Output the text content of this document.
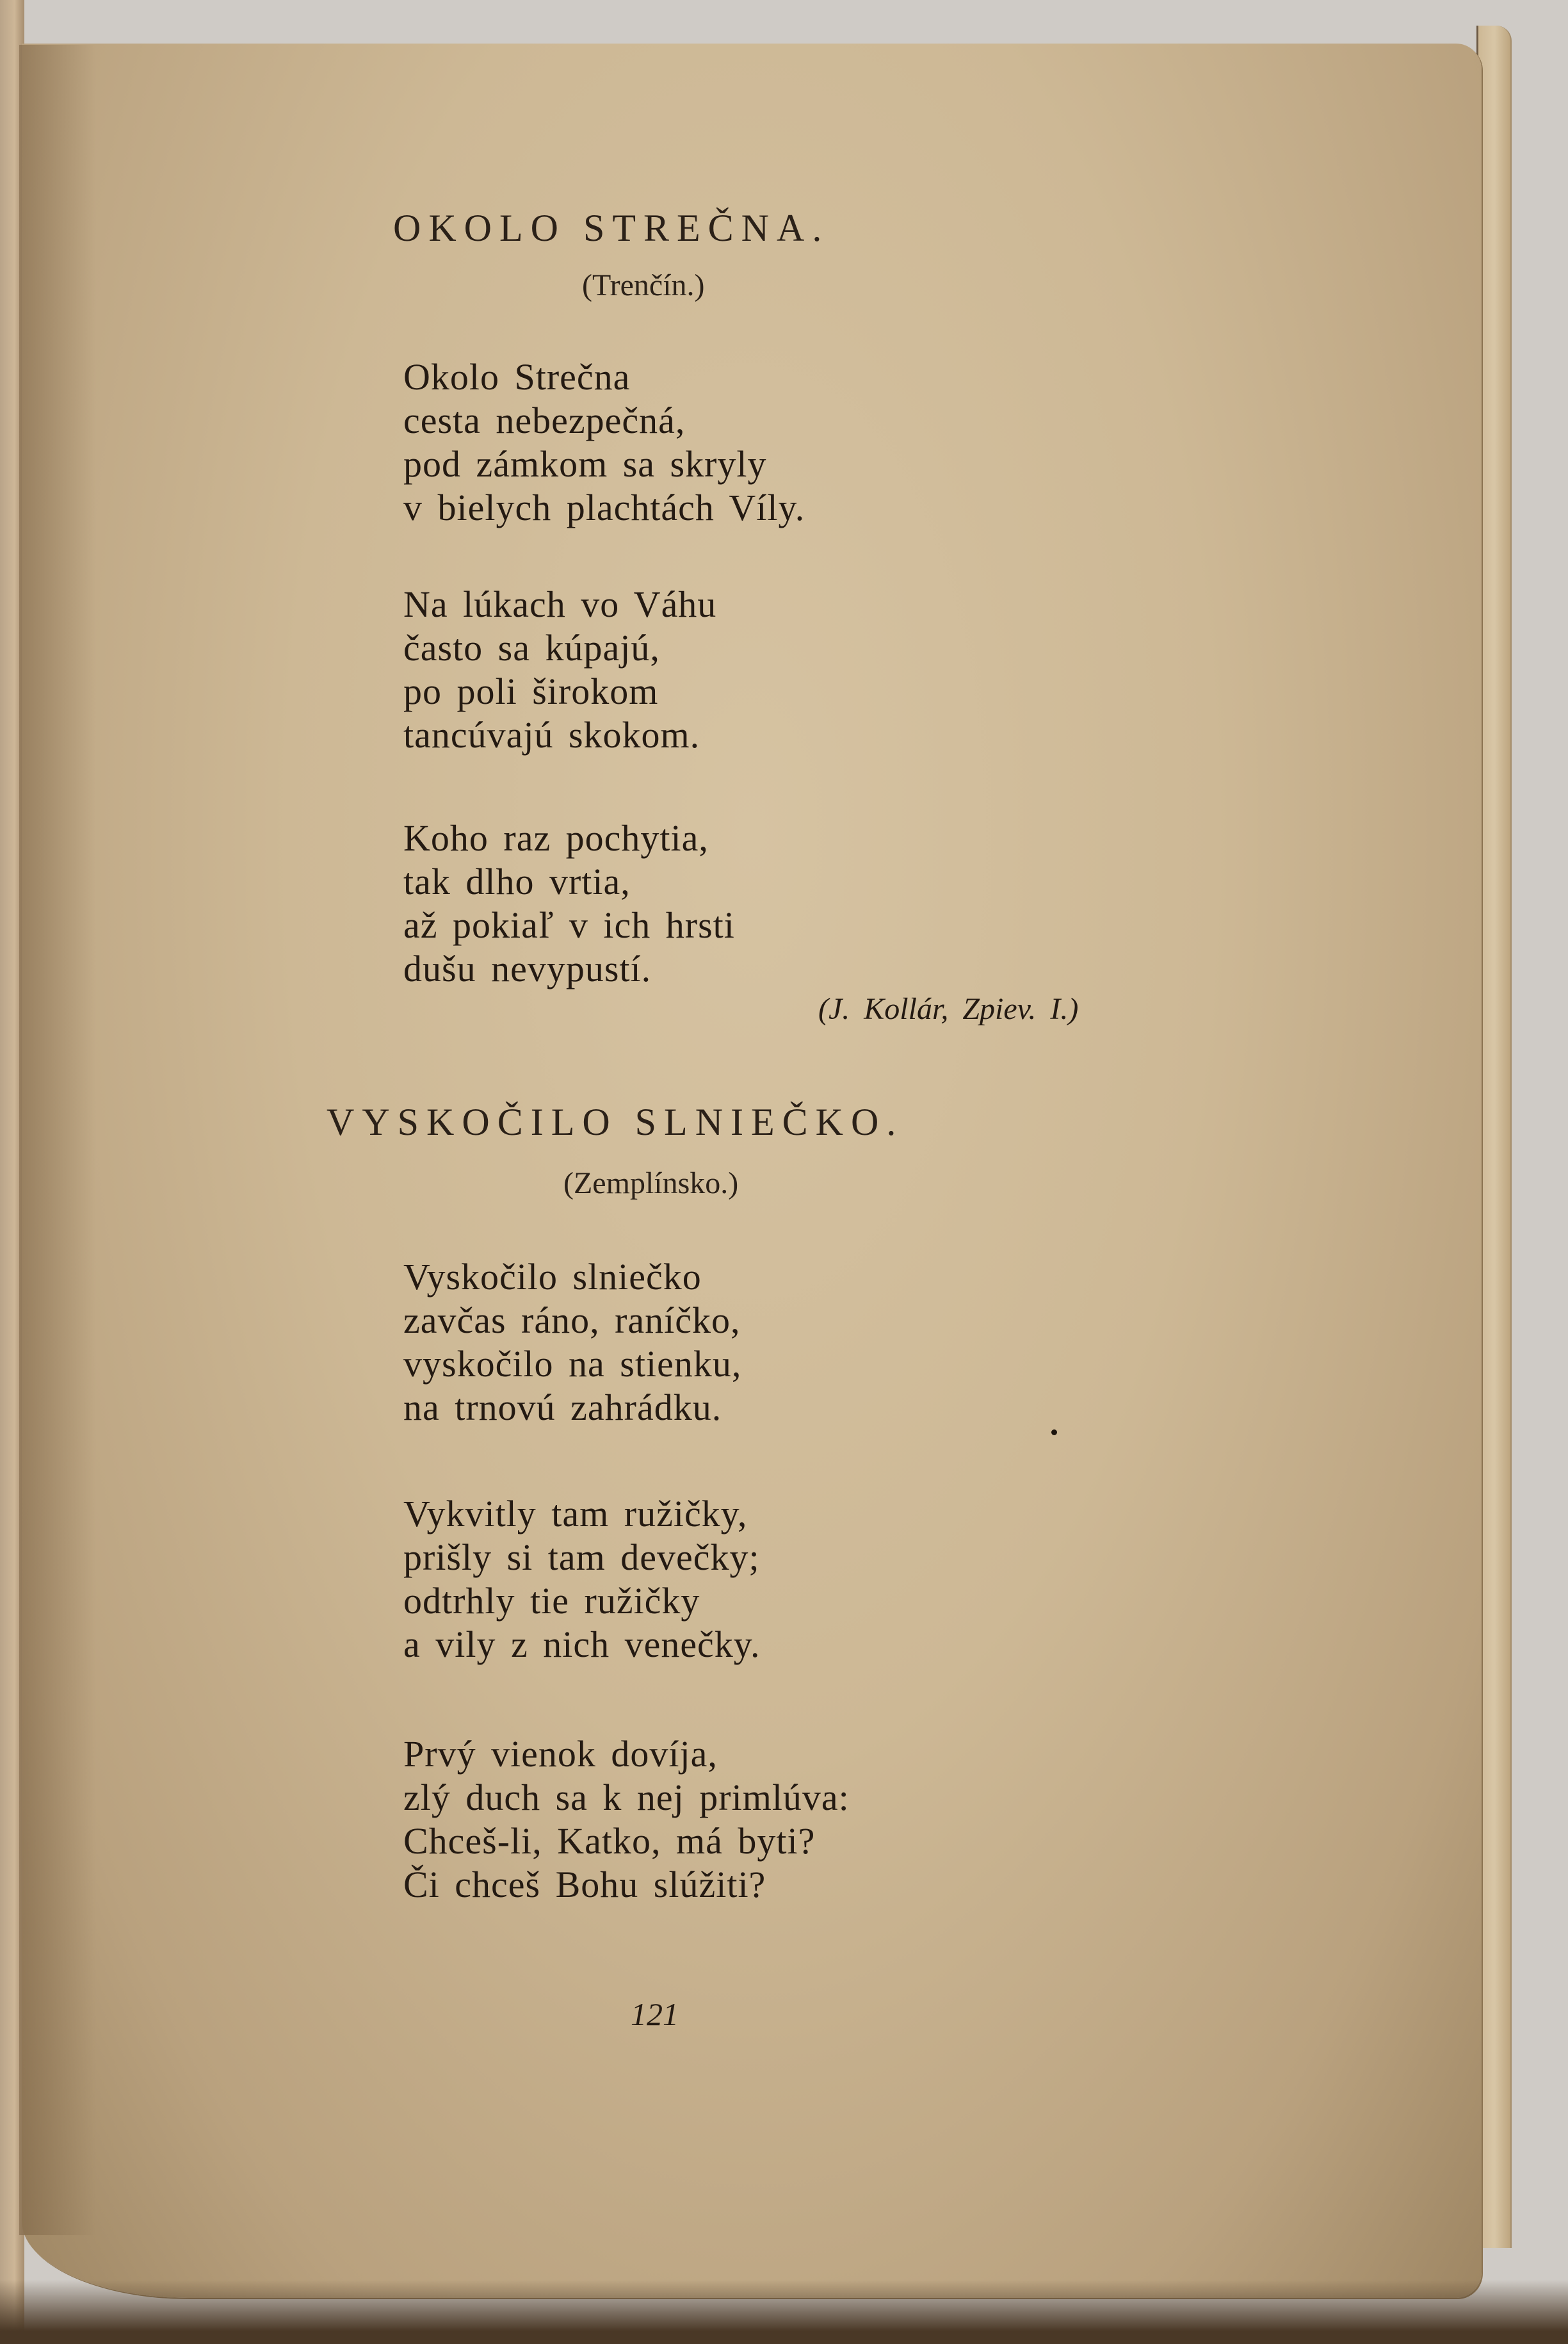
OKOLO STREČNA.
(Trenčín.)
Okolo Strečna
cesta nebezpečná,
pod zámkom sa skryly
v bielych plachtách Víly.
Na lúkach vo Váhu
často sa kúpajú,
po poli širokom
tancúvajú skokom.
Koho raz pochytia,
tak dlho vrtia,
až pokiaľ v ich hrsti
dušu nevypustí.
(J. Kollár, Zpiev. I.)
VYSKOČILO SLNIEČKO.
(Zemplínsko.)
Vyskočilo slniečko
zavčas ráno, raníčko,
vyskočilo na stienku,
na trnovú zahrádku.
Vykvitly tam ružičky,
prišly si tam devečky;
odtrhly tie ružičky
a vily z nich venečky.
Prvý vienok dovíja,
zlý duch sa k nej primlúva:
Chceš-li, Katko, má byti?
Či chceš Bohu slúžiti?
121
